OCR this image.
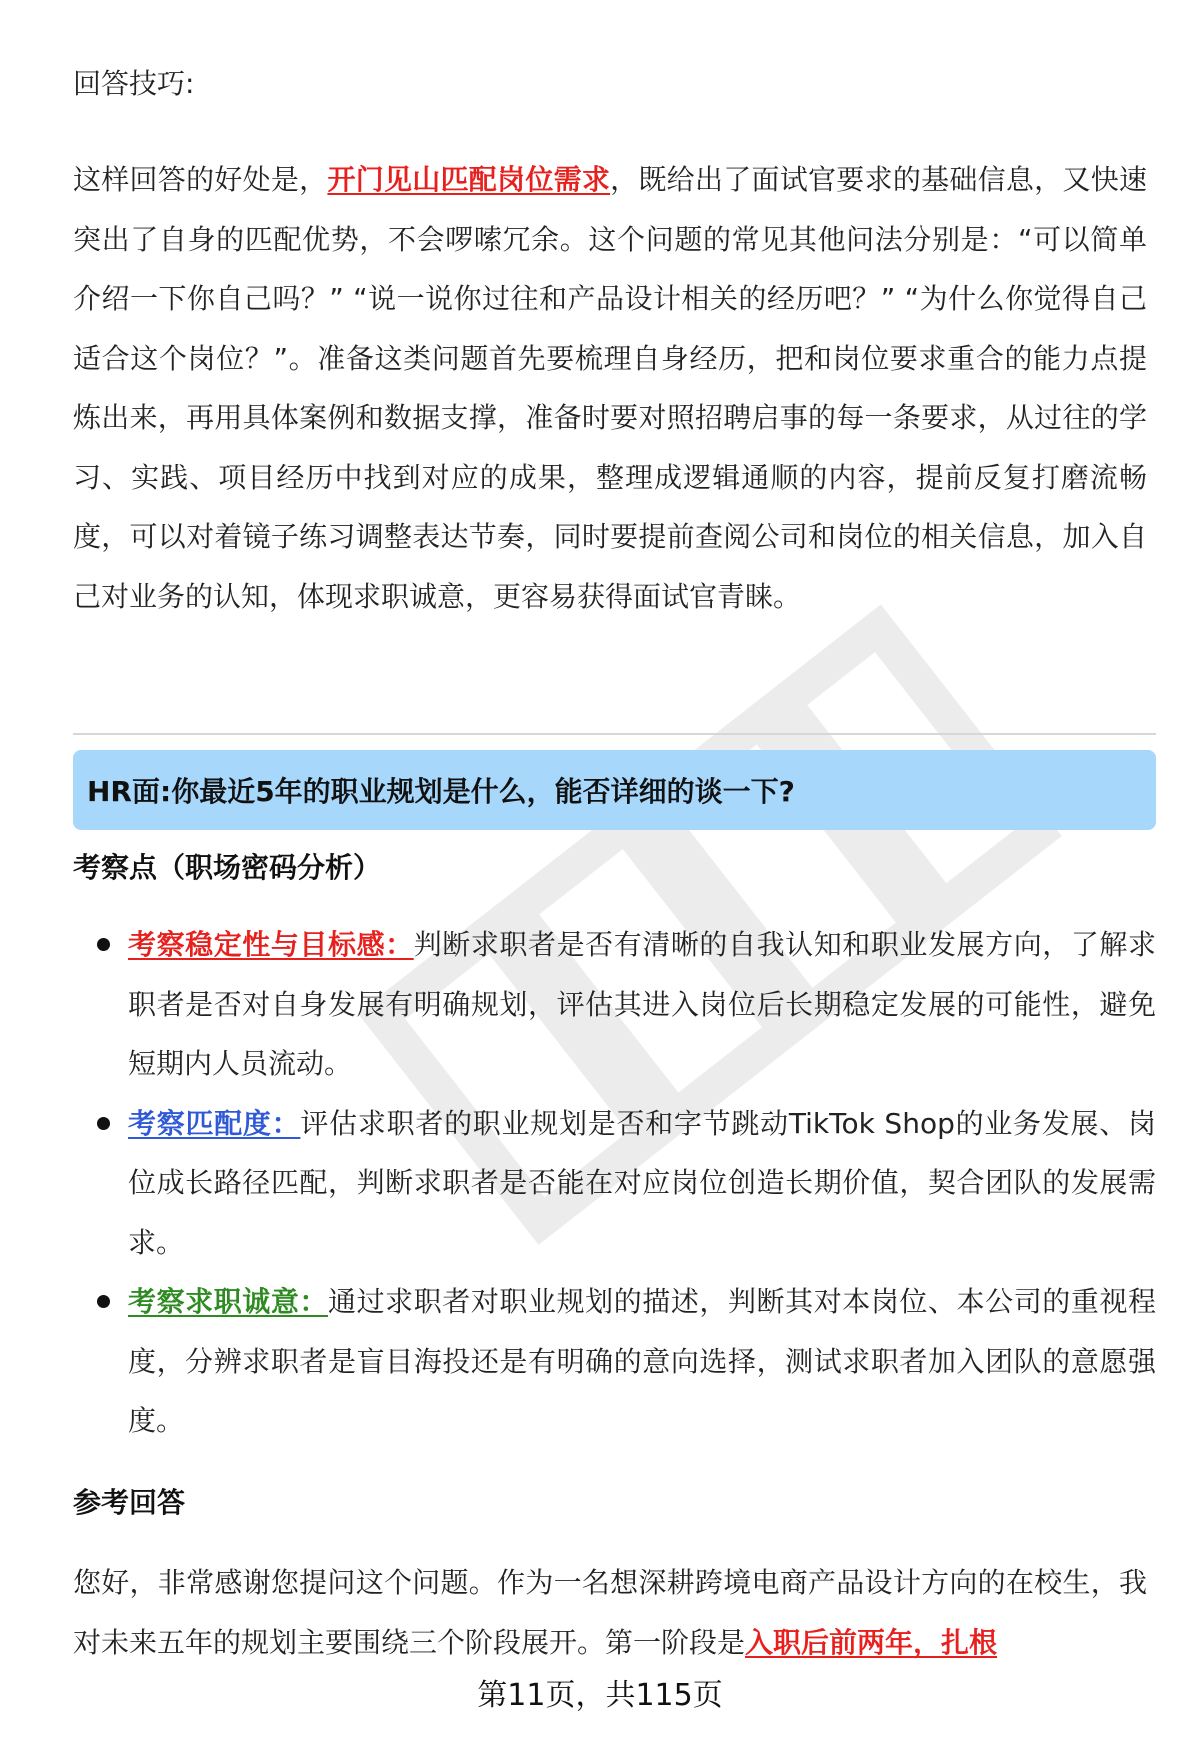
回答技巧:

这样回答的好处是，开门见山匹配岗位需求，既给出了面试官要求的基础信息，又快速突出了自身的匹配优势，不会啰嗦冗余。这个问题的常见其他问法分别是：“可以简单介绍一下你自己吗？” “说一说你过往和产品设计相关的经历吧？” “为什么你觉得自己适合这个岗位？”。准备这类问题首先要梳理自身经历，把和岗位要求重合的能力点提炼出来，再用具体案例和数据支撑，准备时要对照招聘启事的每一条要求，从过往的学习、实践、项目经历中找到对应的成果，整理成逻辑通顺的内容，提前反复打磨流畅度，可以对着镜子练习调整表达节奏，同时要提前查阅公司和岗位的相关信息，加入自己对业务的认知，体现求职诚意，更容易获得面试官青睐。

HR面:你最近5年的职业规划是什么，能否详细的谈一下?
考察点（职场密码分析）
考察稳定性与目标感：判断求职者是否有清晰的自我认知和职业发展方向，了解求职者是否对自身发展有明确规划，评估其进入岗位后长期稳定发展的可能性，避免短期内人员流动。
考察匹配度：评估求职者的职业规划是否和字节跳动TikTok Shop的业务发展、岗位成长路径匹配，判断求职者是否能在对应岗位创造长期价值，契合团队的发展需求。
考察求职诚意：通过求职者对职业规划的描述，判断其对本岗位、本公司的重视程度，分辨求职者是盲目海投还是有明确的意向选择，测试求职者加入团队的意愿强度。
参考回答

您好，非常感谢您提问这个问题。作为一名想深耕跨境电商产品设计方向的在校生，我对未来五年的规划主要围绕三个阶段展开。第一阶段是入职后前两年，扎根

第11页，共115页
